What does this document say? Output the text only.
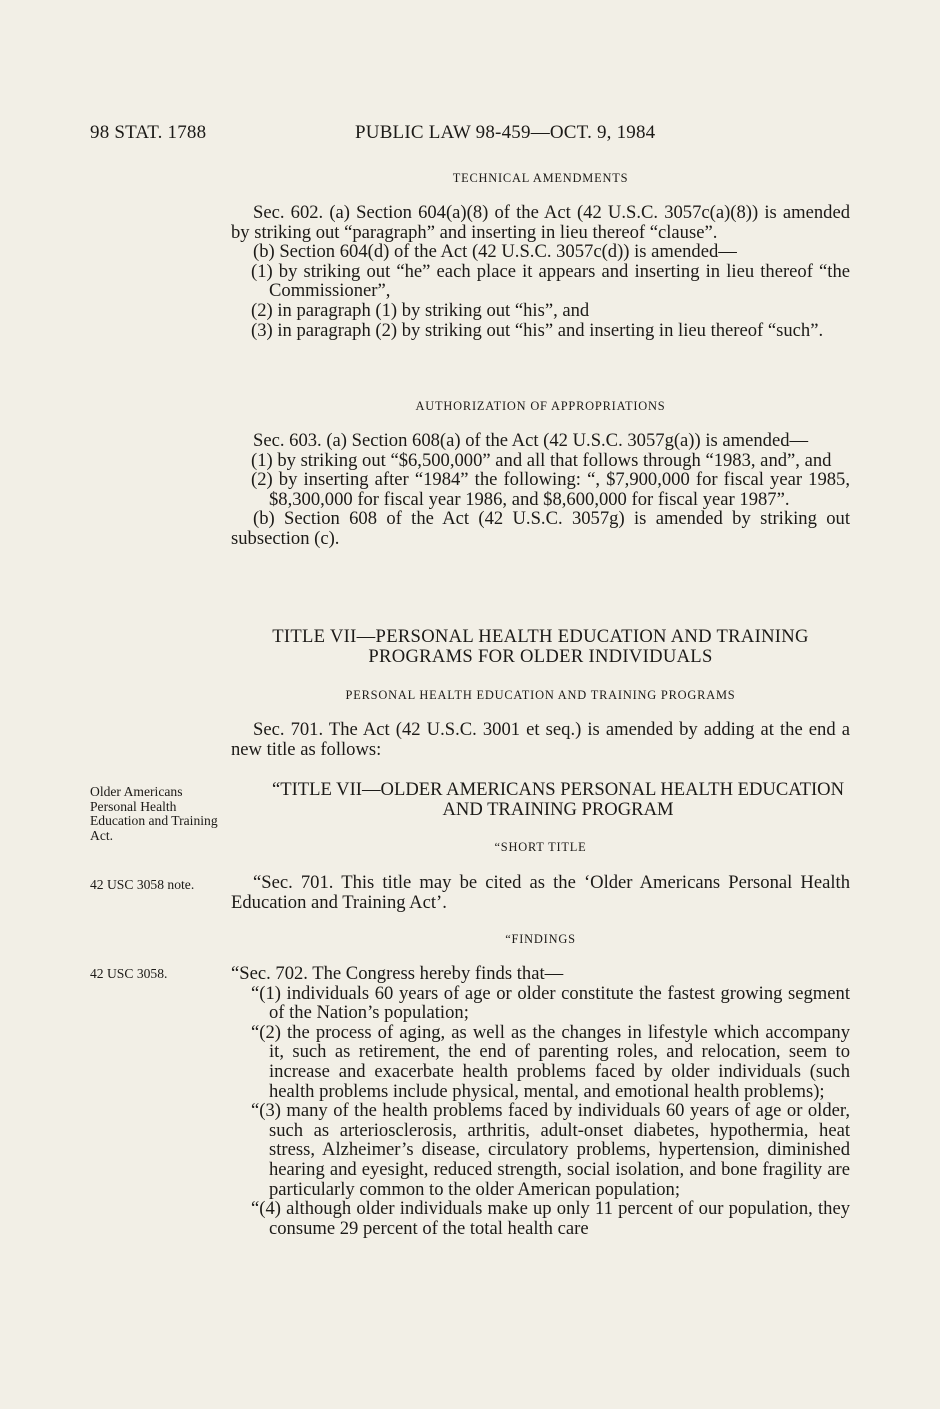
98 STAT. 1788	PUBLIC LAW 98-459—OCT. 9, 1984
TECHNICAL AMENDMENTS

Sec. 602. (a) Section 604(a)(8) of the Act (42 U.S.C. 3057c(a)(8)) is amended by striking out “paragraph” and inserting in lieu thereof “clause”.

(b) Section 604(d) of the Act (42 U.S.C. 3057c(d)) is amended—

(1) by striking out “he” each place it appears and inserting in lieu thereof “the Commissioner”,

(2) in paragraph (1) by striking out “his”, and

(3) in paragraph (2) by striking out “his” and inserting in lieu thereof “such”.

AUTHORIZATION OF APPROPRIATIONS

Sec. 603. (a) Section 608(a) of the Act (42 U.S.C. 3057g(a)) is amended—

(1) by striking out “$6,500,000” and all that follows through “1983, and”, and

(2) by inserting after “1984” the following: “, $7,900,000 for fiscal year 1985, $8,300,000 for fiscal year 1986, and $8,600,000 for fiscal year 1987”.

(b) Section 608 of the Act (42 U.S.C. 3057g) is amended by striking out subsection (c).

TITLE VII—PERSONAL HEALTH EDUCATION AND TRAINING PROGRAMS FOR OLDER INDIVIDUALS
PERSONAL HEALTH EDUCATION AND TRAINING PROGRAMS

Sec. 701. The Act (42 U.S.C. 3001 et seq.) is amended by adding at the end a new title as follows:

“TITLE VII—OLDER AMERICANS PERSONAL HEALTH EDUCATION AND TRAINING PROGRAM
“SHORT TITLE

“Sec. 701. This title may be cited as the ‘Older Americans Personal Health Education and Training Act’.

“FINDINGS

“Sec. 702. The Congress hereby finds that—

“(1) individuals 60 years of age or older constitute the fastest growing segment of the Nation’s population;

“(2) the process of aging, as well as the changes in lifestyle which accompany it, such as retirement, the end of parenting roles, and relocation, seem to increase and exacerbate health problems faced by older individuals (such health problems include physical, mental, and emotional health problems);

“(3) many of the health problems faced by individuals 60 years of age or older, such as arteriosclerosis, arthritis, adult-onset diabetes, hypothermia, heat stress, Alzheimer’s disease, circulatory problems, hypertension, diminished hearing and eyesight, reduced strength, social isolation, and bone fragility are particularly common to the older American population;

“(4) although older individuals make up only 11 percent of our population, they consume 29 percent of the total health care

Older Americans Personal Health Education and Training Act.
42 USC 3058 note.
42 USC 3058.
